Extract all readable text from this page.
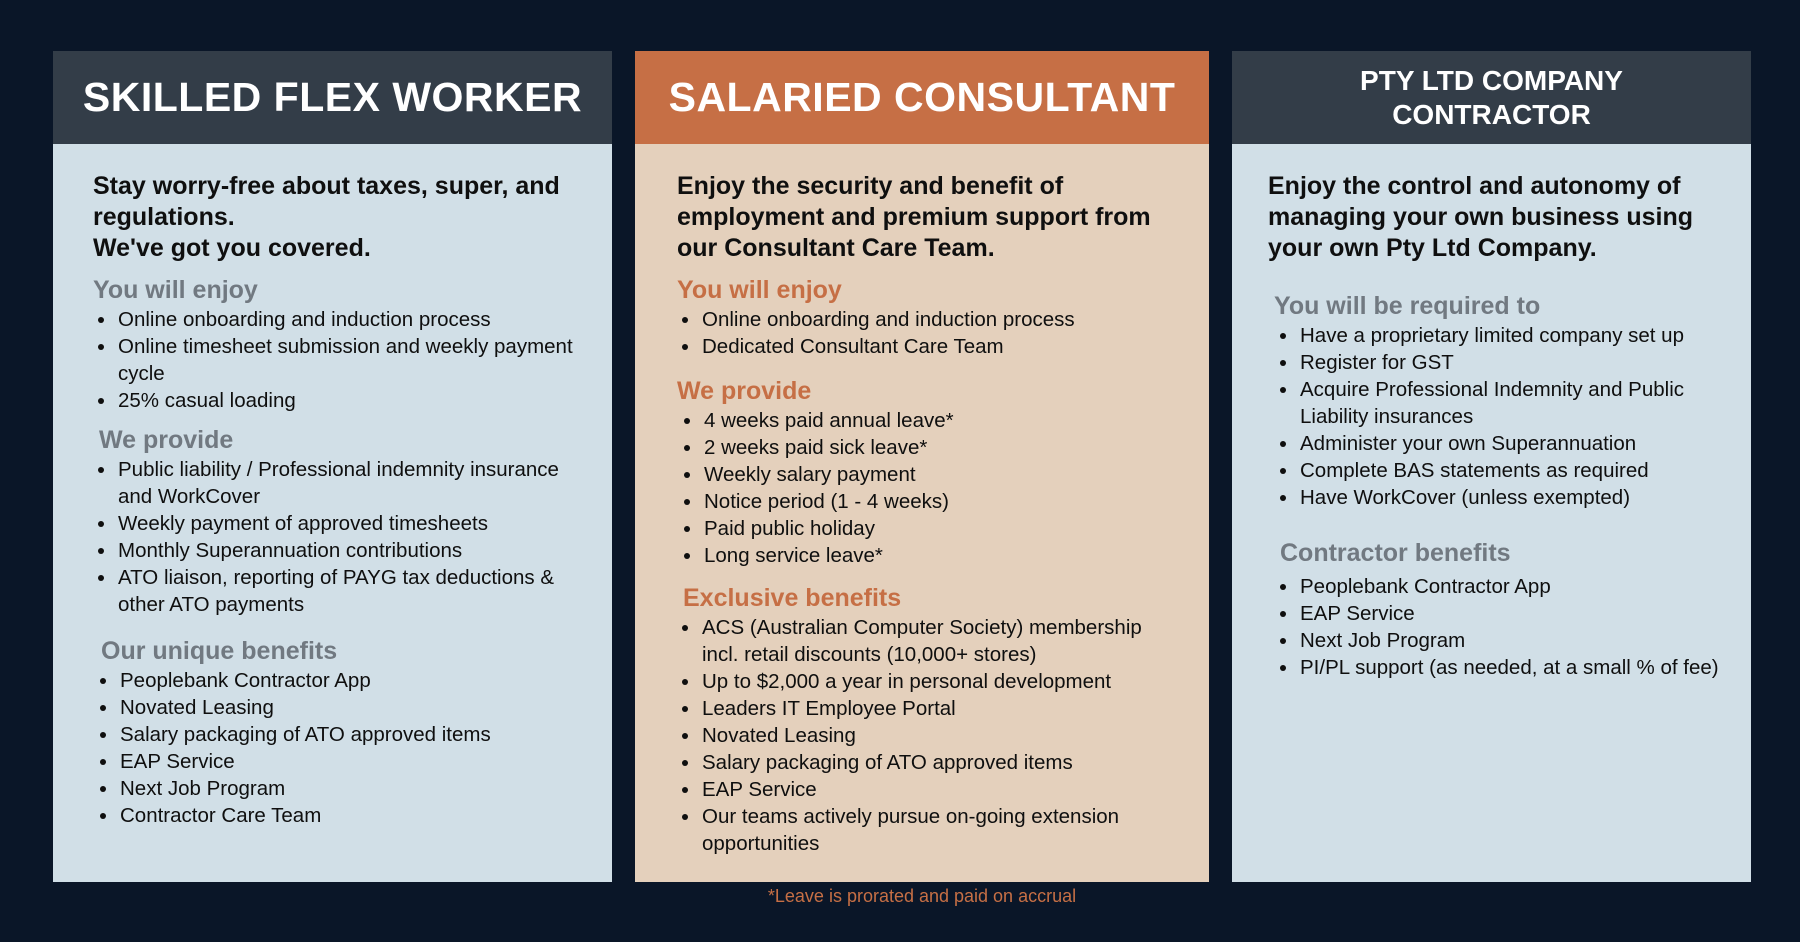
SKILLED FLEX WORKER

Stay worry-free about taxes, super, and regulations.
We've got you covered.

You will enjoy
Online onboarding and induction process
Online timesheet submission and weekly payment cycle
25% casual loading
We provide
Public liability / Professional indemnity insurance and WorkCover
Weekly payment of approved timesheets
Monthly Superannuation contributions
ATO liaison, reporting of PAYG tax deductions & other ATO payments
Our unique benefits
Peoplebank Contractor App
Novated Leasing
Salary packaging of ATO approved items
EAP Service
Next Job Program
Contractor Care Team
SALARIED CONSULTANT

Enjoy the security and benefit of employment and premium support from our Consultant Care Team.

You will enjoy
Online onboarding and induction process
Dedicated Consultant Care Team
We provide
4 weeks paid annual leave*
2 weeks paid sick leave*
Weekly salary payment
Notice period (1 - 4 weeks)
Paid public holiday
Long service leave*
Exclusive benefits
ACS (Australian Computer Society) membership incl. retail discounts (10,000+ stores)
Up to $2,000 a year in personal development
Leaders IT Employee Portal
Novated Leasing
Salary packaging of ATO approved items
EAP Service
Our teams actively pursue on-going extension opportunities
PTY LTD COMPANY CONTRACTOR

Enjoy the control and autonomy of managing your own business using your own Pty Ltd Company.

You will be required to
Have a proprietary limited company set up
Register for GST
Acquire Professional Indemnity and Public Liability insurances
Administer your own Superannuation
Complete BAS statements as required
Have WorkCover (unless exempted)
Contractor benefits
Peoplebank Contractor App
EAP Service
Next Job Program
PI/PL support (as needed, at a small % of fee)
*Leave is prorated and paid on accrual
